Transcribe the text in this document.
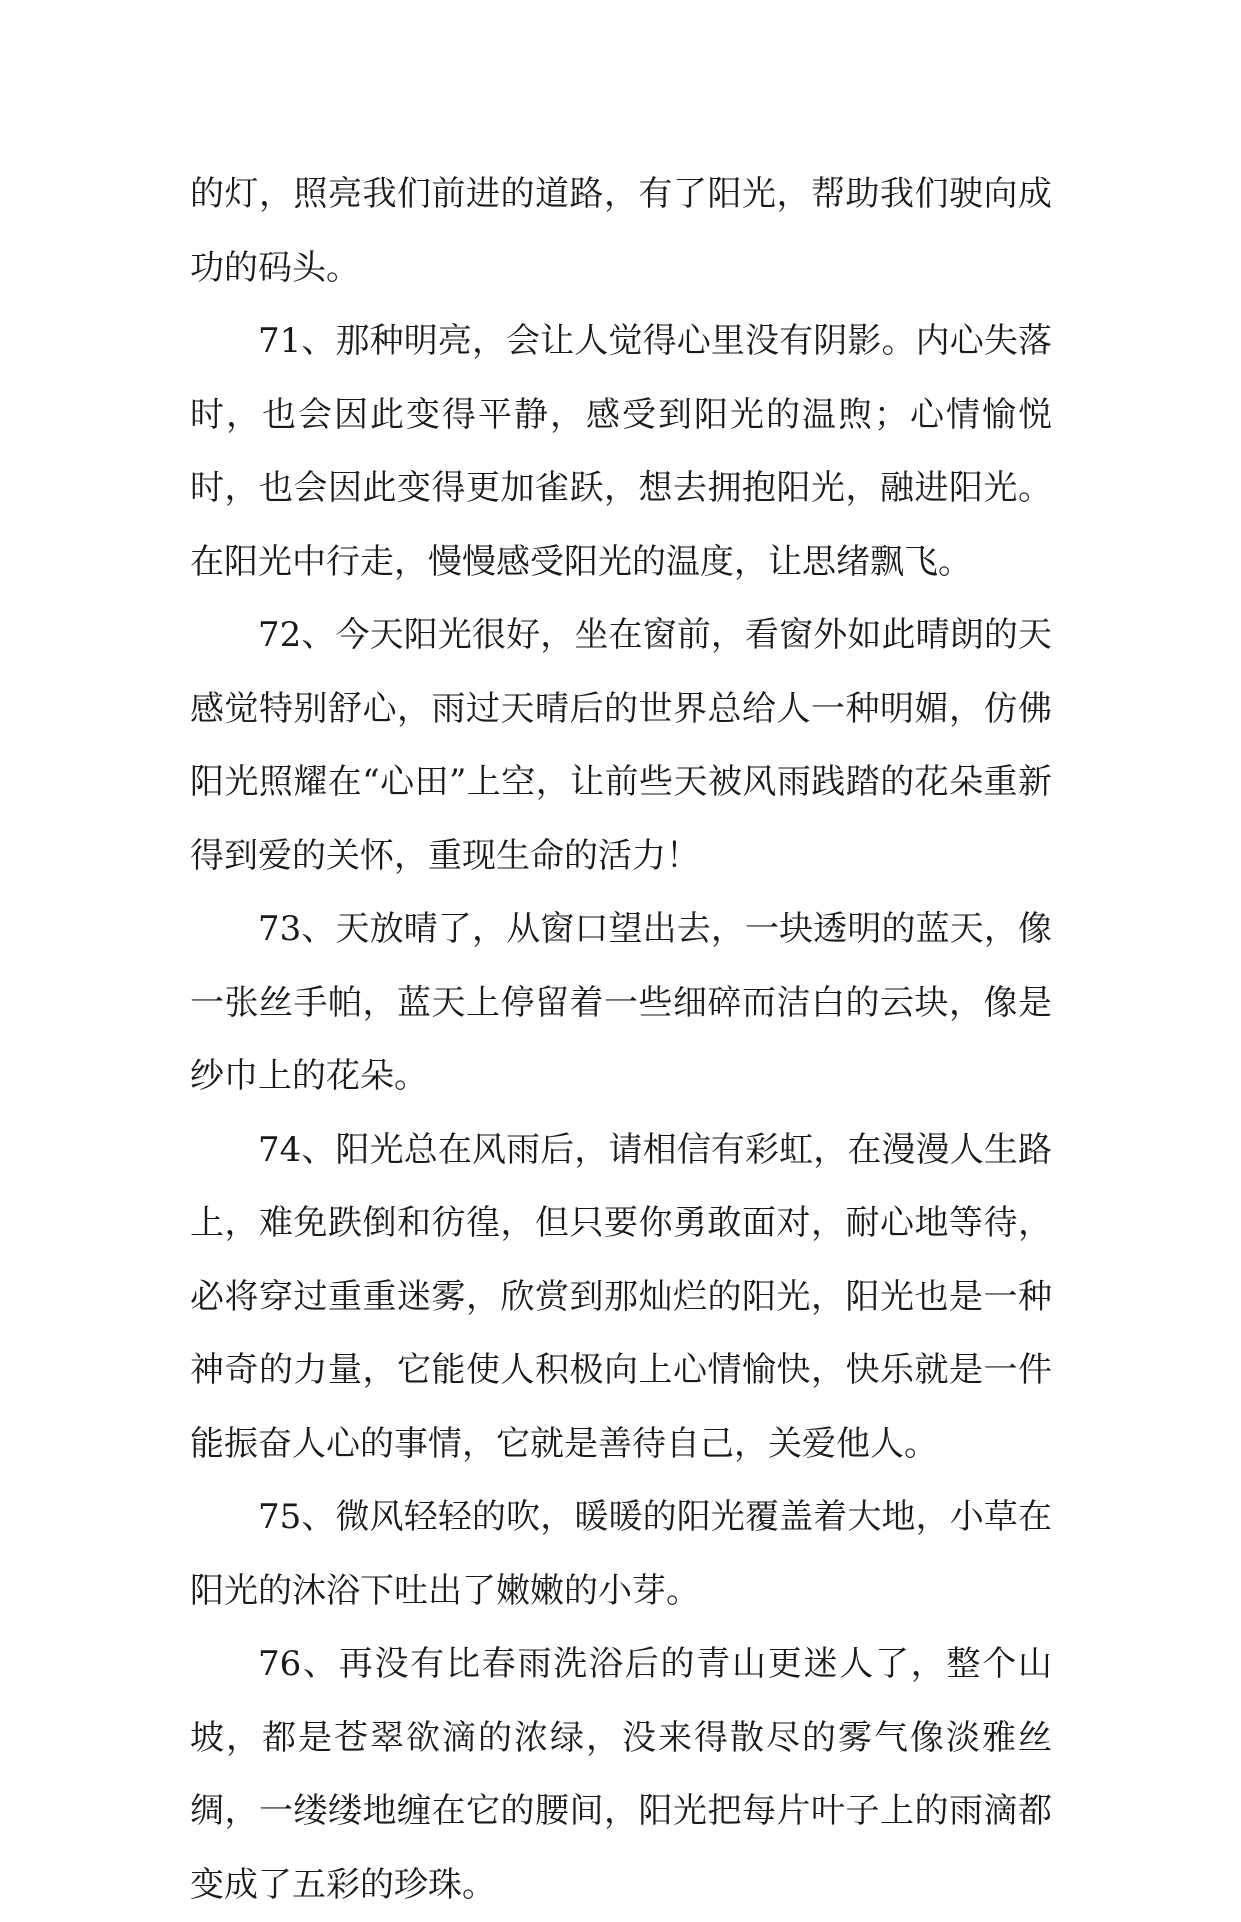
的灯，照亮我们前进的道路，有了阳光，帮助我们驶向成功的码头。

71、那种明亮，会让人觉得心里没有阴影。内心失落时，也会因此变得平静，感受到阳光的温煦；心情愉悦时，也会因此变得更加雀跃，想去拥抱阳光，融进阳光。在阳光中行走，慢慢感受阳光的温度，让思绪飘飞。

72、今天阳光很好，坐在窗前，看窗外如此晴朗的天感觉特别舒心，雨过天晴后的世界总给人一种明媚，仿佛阳光照耀在“心田”上空，让前些天被风雨践踏的花朵重新得到爱的关怀，重现生命的活力！

73、天放晴了，从窗口望出去，一块透明的蓝天，像一张丝手帕，蓝天上停留着一些细碎而洁白的云块，像是纱巾上的花朵。

74、阳光总在风雨后，请相信有彩虹，在漫漫人生路上，难免跌倒和彷徨，但只要你勇敢面对，耐心地等待，必将穿过重重迷雾，欣赏到那灿烂的阳光，阳光也是一种神奇的力量，它能使人积极向上心情愉快，快乐就是一件能振奋人心的事情，它就是善待自己，关爱他人。

75、微风轻轻的吹，暖暖的阳光覆盖着大地，小草在阳光的沐浴下吐出了嫩嫩的小芽。

76、再没有比春雨洗浴后的青山更迷人了，整个山坡，都是苍翠欲滴的浓绿，没来得散尽的雾气像淡雅丝绸，一缕缕地缠在它的腰间，阳光把每片叶子上的雨滴都变成了五彩的珍珠。
